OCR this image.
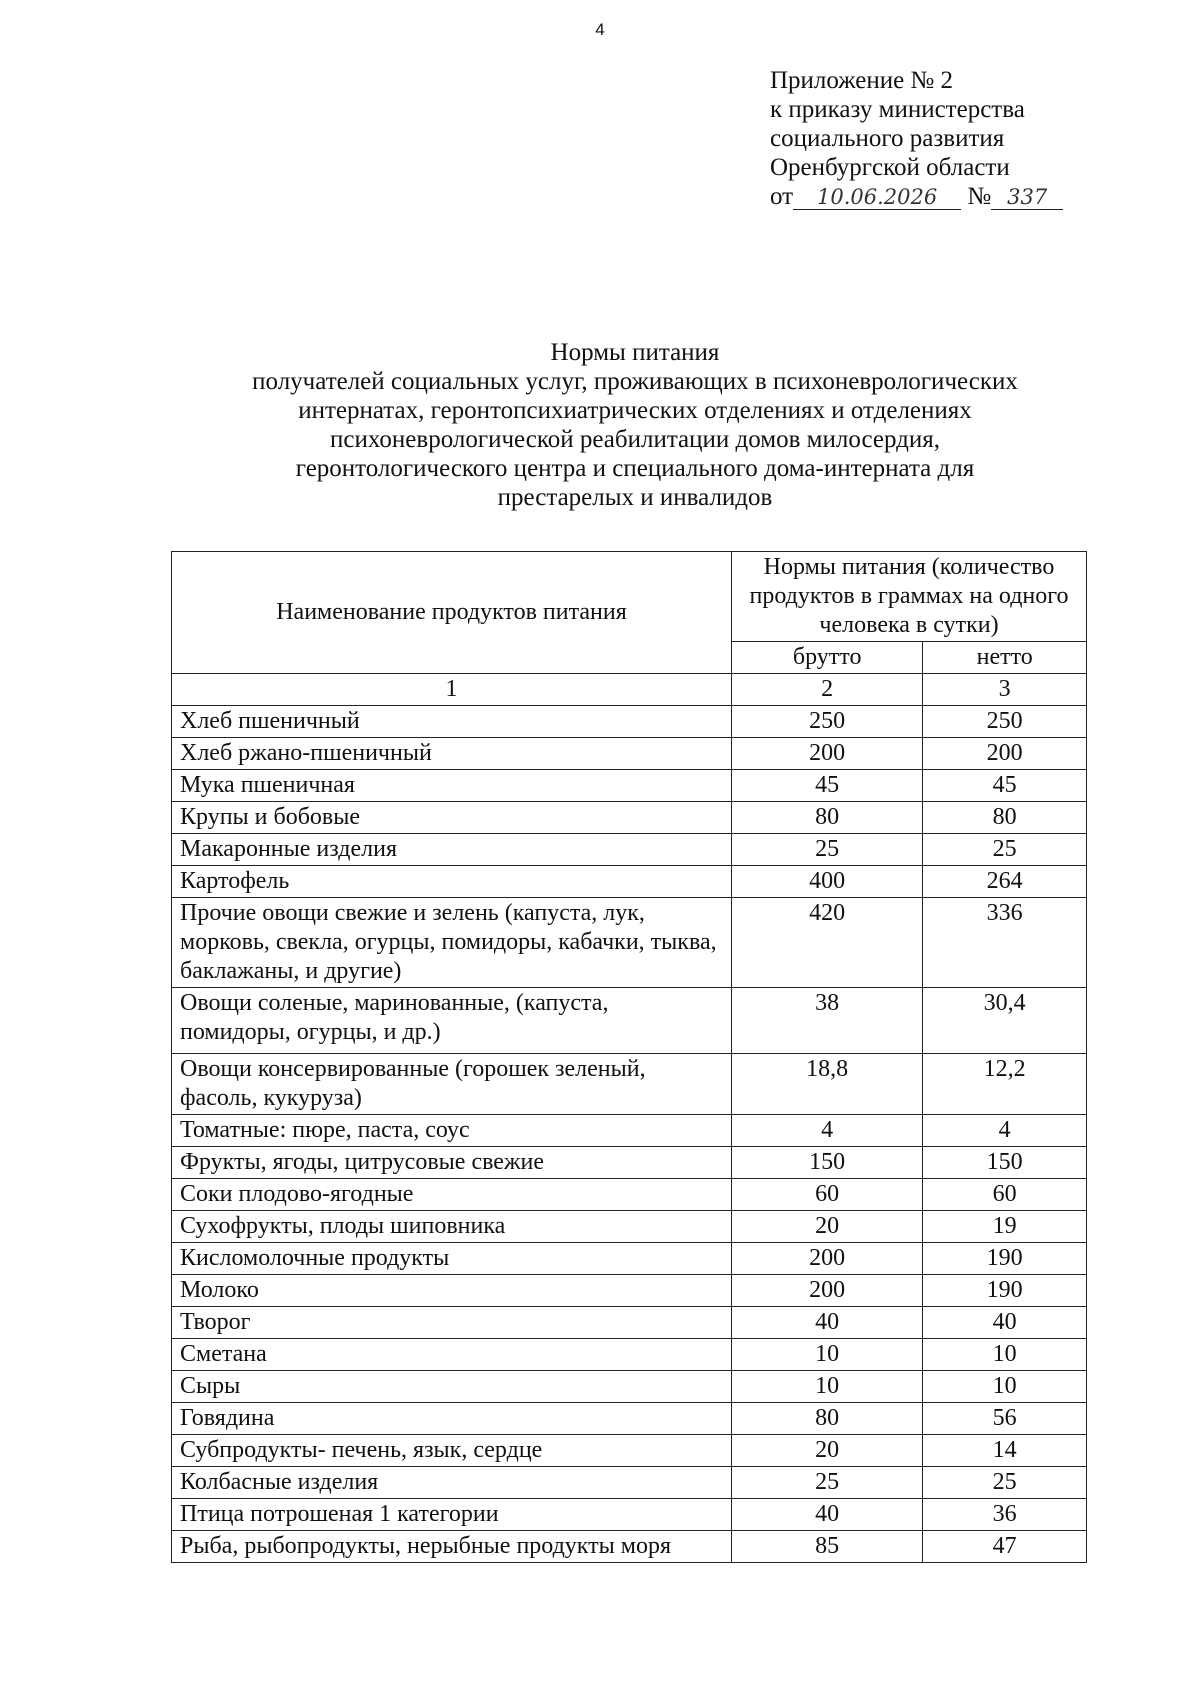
4
Приложение № 2
к приказу министерства
социального развития
Оренбургской области
от 10.06.2026 № 337
Нормы питания
получателей социальных услуг, проживающих в психоневрологических
интернатах, геронтопсихиатрических отделениях и отделениях
психоневрологической реабилитации домов милосердия,
геронтологического центра и специального дома-интерната для
престарелых и инвалидов
Наименование продуктов питания	Нормы питания (количество продуктов в граммах на одного человека в сутки)	
	брутто	нетто
1	2	3
Хлеб пшеничный	250	250
Хлеб ржано-пшеничный	200	200
Мука пшеничная	45	45
Крупы и бобовые	80	80
Макаронные изделия	25	25
Картофель	400	264
Прочие овощи свежие и зелень (капуста, лук, морковь, свекла, огурцы, помидоры, кабачки, тыква, баклажаны, и другие)	420	336
Овощи соленые, маринованные, (капуста, помидоры, огурцы, и др.)	38	30,4
Овощи консервированные (горошек зеленый, фасоль, кукуруза)	18,8	12,2
Томатные: пюре, паста, соус	4	4
Фрукты, ягоды, цитрусовые свежие	150	150
Соки плодово-ягодные	60	60
Сухофрукты, плоды шиповника	20	19
Кисломолочные продукты	200	190
Молоко	200	190
Творог	40	40
Сметана	10	10
Сыры	10	10
Говядина	80	56
Субпродукты- печень, язык, сердце	20	14
Колбасные изделия	25	25
Птица потрошеная 1 категории	40	36
Рыба, рыбопродукты, нерыбные продукты моря	85	47
